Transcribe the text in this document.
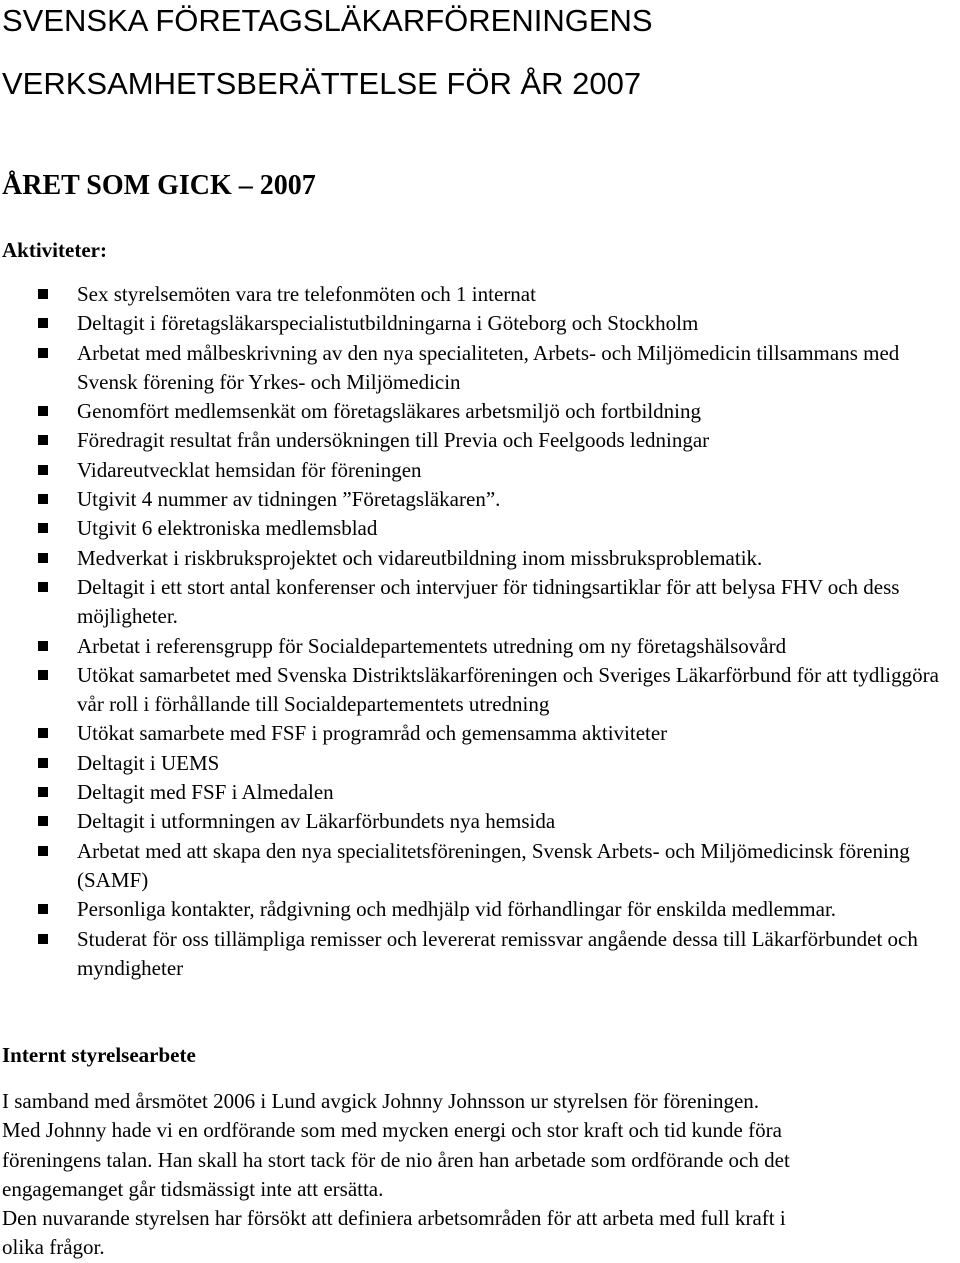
SVENSKA FÖRETAGSLÄKARFÖRENINGENS
VERKSAMHETSBERÄTTELSE FÖR ÅR 2007
ÅRET SOM GICK – 2007
Aktiviteter:
Sex styrelsemöten vara tre telefonmöten och 1 internat
Deltagit i företagsläkarspecialistutbildningarna i Göteborg och Stockholm
Arbetat med målbeskrivning av den nya specialiteten, Arbets- och Miljömedicin tillsammans med Svensk förening för Yrkes- och Miljömedicin
Genomfört medlemsenkät om företagsläkares arbetsmiljö och fortbildning
Föredragit resultat från undersökningen till Previa och Feelgoods ledningar
Vidareutvecklat hemsidan för föreningen
Utgivit 4 nummer av tidningen ”Företagsläkaren”.
Utgivit 6 elektroniska medlemsblad
Medverkat i riskbruksprojektet och vidareutbildning inom missbruksproblematik.
Deltagit i ett stort antal konferenser och intervjuer för tidningsartiklar för att belysa FHV och dess möjligheter.
Arbetat i referensgrupp för Socialdepartementets utredning om ny företagshälsovård
Utökat samarbetet med Svenska Distriktsläkarföreningen och Sveriges Läkarförbund för att tydliggöra vår roll i förhållande till Socialdepartementets utredning
Utökat samarbete med FSF i programråd och gemensamma aktiviteter
Deltagit i UEMS
Deltagit med FSF i Almedalen
Deltagit i utformningen av Läkarförbundets nya hemsida
Arbetat med att skapa den nya specialitetsföreningen, Svensk Arbets- och Miljömedicinsk förening (SAMF)
Personliga kontakter, rådgivning och medhjälp vid förhandlingar för enskilda medlemmar.
Studerat för oss tillämpliga remisser och levererat remissvar angående dessa till Läkarförbundet och myndigheter
Internt styrelsearbete

I samband med årsmötet 2006 i Lund avgick Johnny Johnsson ur styrelsen för föreningen.
Med Johnny hade vi en ordförande som med mycken energi och stor kraft och tid kunde föra
föreningens talan. Han skall ha stort tack för de nio åren han arbetade som ordförande och det
engagemanget går tidsmässigt inte att ersätta.
Den nuvarande styrelsen har försökt att definiera arbetsområden för att arbeta med full kraft i
olika frågor.
